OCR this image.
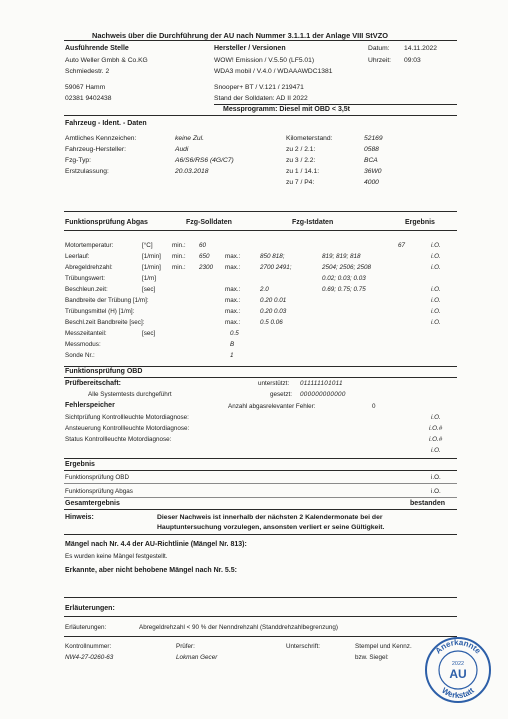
Nachweis über die Durchführung der AU nach Nummer 3.1.1.1 der Anlage VIII StVZO
Ausführende Stelle
Auto Weller Gmbh & Co.KG
Schmiedestr. 2
59067 Hamm
02381 9402438
Hersteller / Versionen
WOW! Emission / V.5.50 (LF5.01)
WDA3 mobil / V.4.0 / WDAAAWDC1381
Snooper+ BT / V.121 / 219471
Stand der Solldaten: AD II 2022
Datum: 14.11.2022
Uhrzeit: 09:03
Messprogramm: Diesel mit OBD < 3,5t
Fahrzeug - Ident. - Daten
Amtliches Kennzeichen:	keine Zul.
Fahrzeug-Hersteller:	Audi
Fzg-Typ:	A6/S6/RS6 (4G/C7)
Erstzulassung:	20.03.2018
Kilometerstand:	52169
zu 2 / 2.1:	0588
zu 3 / 2.2:	BCA
zu 1 / 14.1:	36W0
zu 7 / P4:	4000
Funktionsprüfung Abgas	Fzg-Solldaten	Fzg-Istdaten	Ergebnis
Motortemperatur:	[°C]	min.: 60	67	i.O.
Leerlauf:	[1/min] min.: 650 max.:	850 818;	819; 819; 818	i.O.
Abregeldrehzahl:	[1/min] min.: 2300 max.:	2700 2491;	2504; 2506; 2508	i.O.
Trübungswert:	[1/m]	0.02; 0.03; 0.03
Beschleun.zeit:	[sec]	max.:	2.0	0.69; 0.75; 0.75	i.O.
Bandbreite der Trübung [1/m]:	max.:	0.20 0.01	i.O.
Trübungsmittel (H) [1/m]:	max.:	0.20 0.03	i.O.
Beschl.zeit Bandbreite [sec]:	max.:	0.5 0.06	i.O.
Messzeitanteil:	[sec]	0.5
Messmodus:	B
Sonde Nr.:	1
Funktionsprüfung OBD
Prüfbereitschaft:	unterstützt: 011111101011
Alle Systemtests durchgeführt	gesetzt: 000000000000
Fehlerspeicher	Anzahl abgasrelevanter Fehler:	0
Sichtprüfung Kontrollleuchte Motordiagnose:	i.O.
Ansteuerung Kontrollleuchte Motordiagnose:	i.O.#
Status Kontrollleuchte Motordiagnose:	i.O.#
i.O.
Ergebnis
Funktionsprüfung OBD	i.O.
Funktionsprüfung Abgas	i.O.
Gesamtergebnis	bestanden
Hinweis:	Dieser Nachweis ist innerhalb der nächsten 2 Kalendermonate bei der
Hauptuntersuchung vorzulegen, ansonsten verliert er seine Gültigkeit.
Mängel nach Nr. 4.4 der AU-Richtlinie (Mängel Nr. 813):
Es wurden keine Mängel festgestellt.
Erkannte, aber nicht behobene Mängel nach Nr. 5.5:
Erläuterungen:
Erläuterungen:	Abregeldrehzahl < 90 % der Nenndrehzahl (Standdrehzahlbegrenzung)
Kontrollnummer:
NW4-27-0260-63
Prüfer:
Lokman Gecer
Unterschrift:	Stempel und Kennz.
bzw. Siegel:
Anerkannte
Werkstatt
2022
AU
